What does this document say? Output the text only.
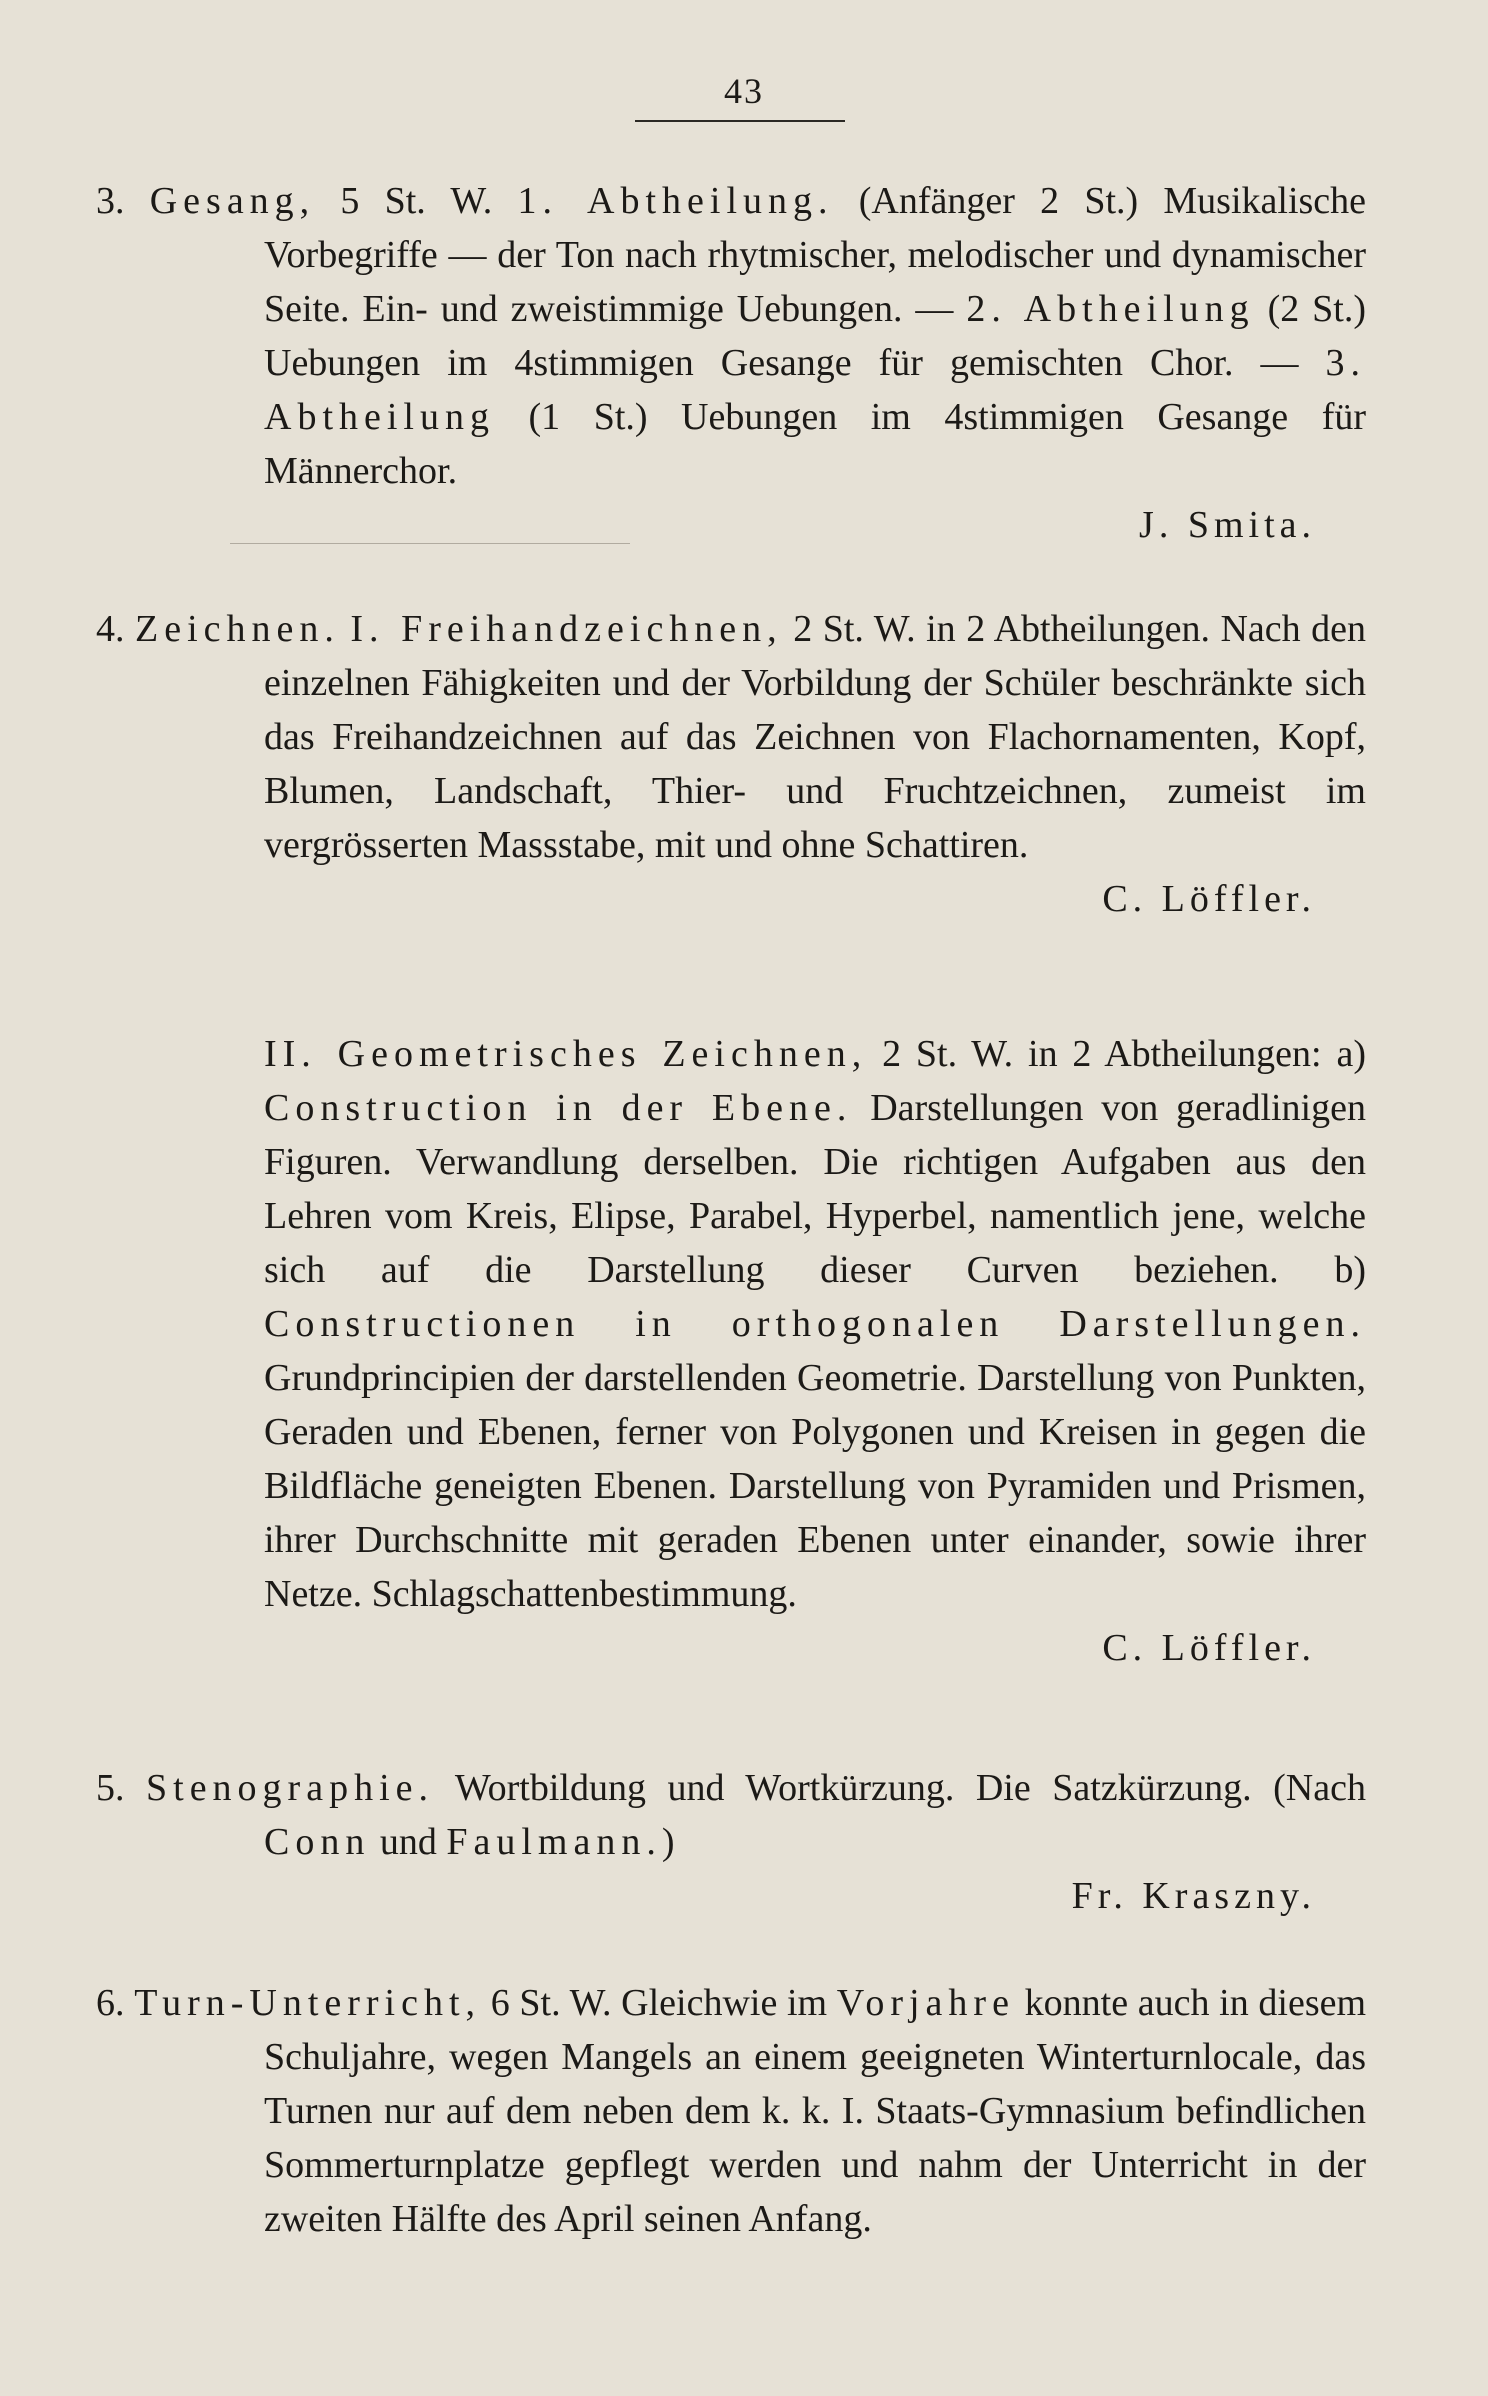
43
3. Gesang, 5 St. W. 1. Abtheilung. (Anfänger 2 St.) Musikalische Vorbegriffe — der Ton nach rhytmischer, melodischer und dynamischer Seite. Ein- und zweistimmige Uebungen. — 2. Abtheilung (2 St.) Uebungen im 4stimmigen Gesange für gemischten Chor. — 3. Abtheilung (1 St.) Uebungen im 4stimmigen Gesange für Männerchor.
J. Smita.
4. Zeichnen. I. Freihandzeichnen, 2 St. W. in 2 Abtheilungen. Nach den einzelnen Fähigkeiten und der Vorbildung der Schüler beschränkte sich das Freihandzeichnen auf das Zeichnen von Flachornamenten, Kopf, Blumen, Landschaft, Thier- und Fruchtzeichnen, zumeist im vergrösserten Massstabe, mit und ohne Schattiren.
C. Löffler.
II. Geometrisches Zeichnen, 2 St. W. in 2 Abtheilungen: a) Construction in der Ebene. Darstellungen von geradlinigen Figuren. Verwandlung derselben. Die richtigen Aufgaben aus den Lehren vom Kreis, Elipse, Parabel, Hyperbel, namentlich jene, welche sich auf die Darstellung dieser Curven beziehen. b) Constructionen in orthogonalen Darstellungen. Grundprincipien der darstellenden Geometrie. Darstellung von Punkten, Geraden und Ebenen, ferner von Polygonen und Kreisen in gegen die Bildfläche geneigten Ebenen. Darstellung von Pyramiden und Prismen, ihrer Durchschnitte mit geraden Ebenen unter einander, sowie ihrer Netze. Schlagschattenbestimmung.
C. Löffler.
5. Stenographie. Wortbildung und Wortkürzung. Die Satzkürzung. (Nach Conn und Faulmann.)
Fr. Kraszny.
6. Turn-Unterricht, 6 St. W. Gleichwie im Vorjahre konnte auch in diesem Schuljahre, wegen Mangels an einem geeigneten Winterturnlocale, das Turnen nur auf dem neben dem k. k. I. Staats-Gymnasium befindlichen Sommerturnplatze gepflegt werden und nahm der Unterricht in der zweiten Hälfte des April seinen Anfang.
